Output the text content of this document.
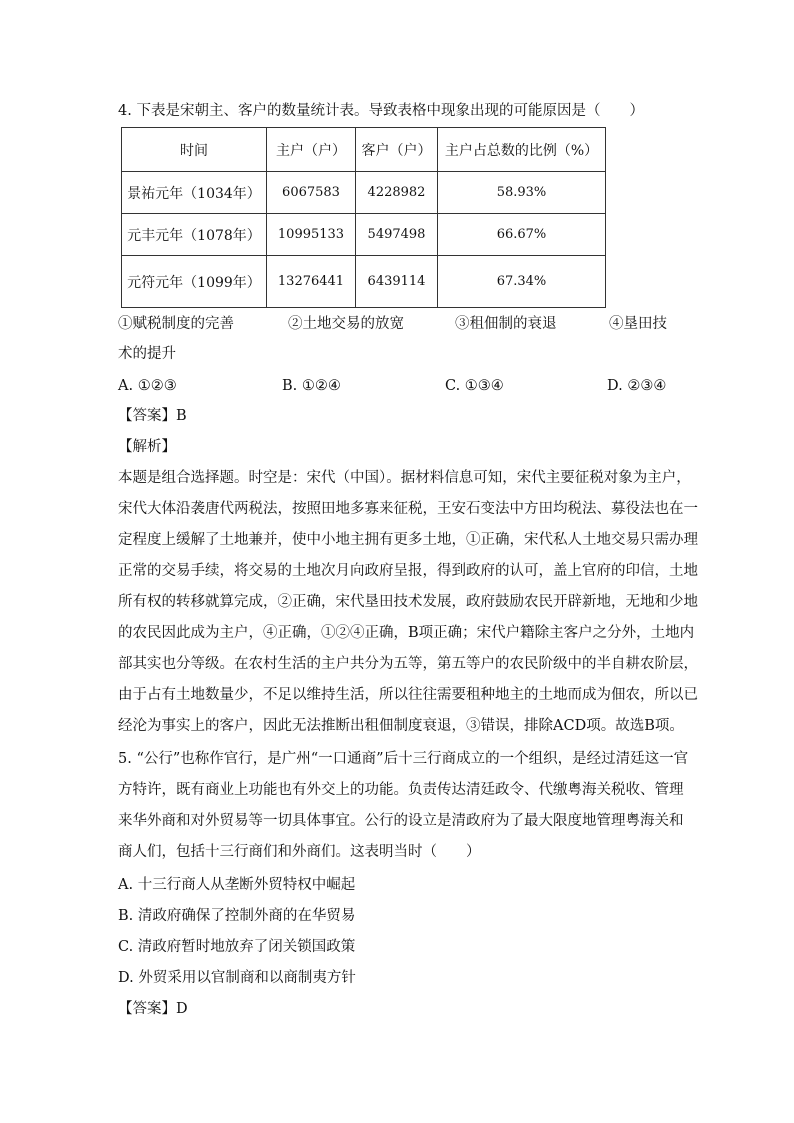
4. 下表是宋朝主、客户的数量统计表。导致表格中现象出现的可能原因是（　　）
时间	主户（户）	客户（户）	主户占总数的比例（%）
景祐元年（1034年）	6067583	4228982	58.93%
元丰元年（1078年）	10995133	5497498	66.67%
元符元年（1099年）	13276441	6439114	67.34%
①赋税制度的完善	②土地交易的放宽	③租佃制的衰退	④垦田技
术的提升
A. ①②③	B. ①②④	C. ①③④	D. ②③④
【答案】B
【解析】
本题是组合选择题。时空是：宋代（中国）。据材料信息可知，宋代主要征税对象为主户，
宋代大体沿袭唐代两税法，按照田地多寡来征税，王安石变法中方田均税法、募役法也在一
定程度上缓解了土地兼并，使中小地主拥有更多土地，①正确，宋代私人土地交易只需办理
正常的交易手续，将交易的土地次月向政府呈报，得到政府的认可，盖上官府的印信，土地
所有权的转移就算完成，②正确，宋代垦田技术发展，政府鼓励农民开辟新地，无地和少地
的农民因此成为主户，④正确，①②④正确，B项正确；宋代户籍除主客户之分外，土地内
部其实也分等级。在农村生活的主户共分为五等，第五等户的农民阶级中的半自耕农阶层，
由于占有土地数量少，不足以维持生活，所以往往需要租种地主的土地而成为佃农，所以已
经沦为事实上的客户，因此无法推断出租佃制度衰退，③错误，排除ACD项。故选B项。
5. “公行”也称作官行，是广州“一口通商”后十三行商成立的一个组织，是经过清廷这一官
方特许，既有商业上功能也有外交上的功能。负责传达清廷政令、代缴粤海关税收、管理
来华外商和对外贸易等一切具体事宜。公行的设立是清政府为了最大限度地管理粤海关和
商人们，包括十三行商们和外商们。这表明当时（　　）
A. 十三行商人从垄断外贸特权中崛起
B. 清政府确保了控制外商的在华贸易
C. 清政府暂时地放弃了闭关锁国政策
D. 外贸采用以官制商和以商制夷方针
【答案】D
